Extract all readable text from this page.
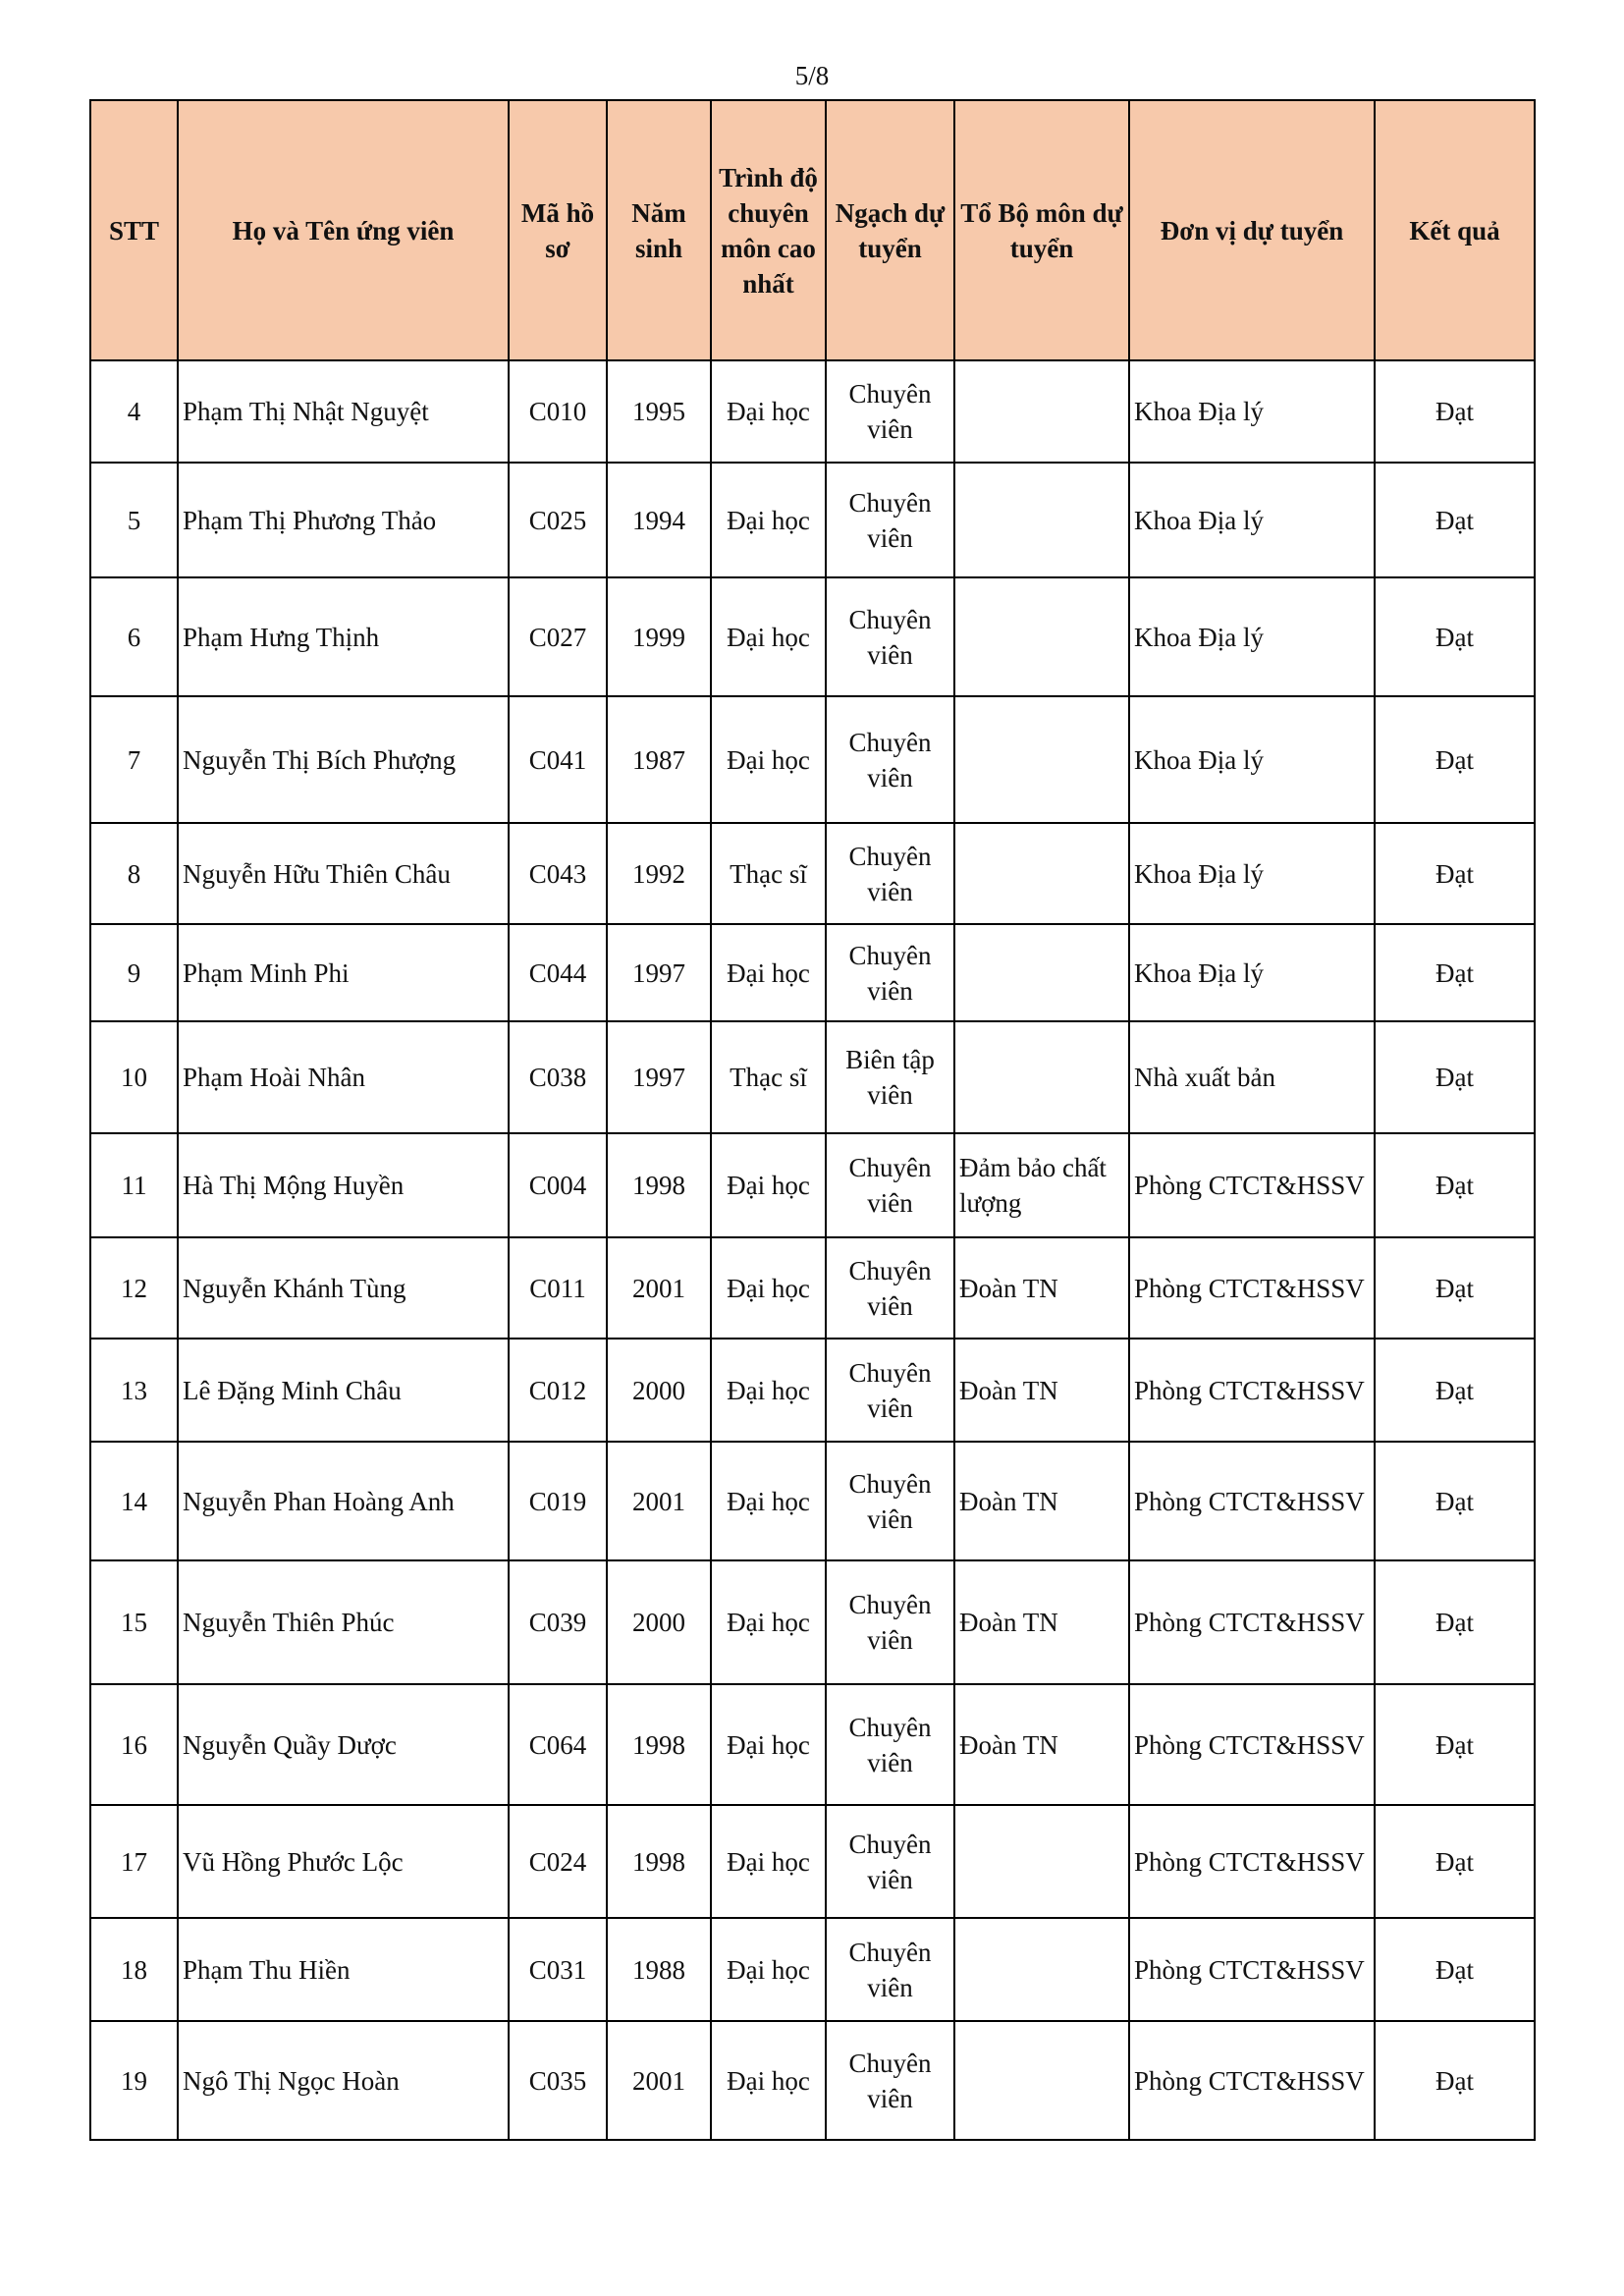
5/8
STT	Họ và Tên ứng viên	Mã hồ sơ	Năm sinh	Trình độ chuyên môn cao nhất	Ngạch dự tuyển	Tổ Bộ môn dự tuyển	Đơn vị dự tuyển	Kết quả
4	Phạm Thị Nhật Nguyệt	C010	1995	Đại học	Chuyên viên		Khoa Địa lý	Đạt
5	Phạm Thị Phương Thảo	C025	1994	Đại học	Chuyên viên		Khoa Địa lý	Đạt
6	Phạm Hưng Thịnh	C027	1999	Đại học	Chuyên viên		Khoa Địa lý	Đạt
7	Nguyễn Thị Bích Phượng	C041	1987	Đại học	Chuyên viên		Khoa Địa lý	Đạt
8	Nguyễn Hữu Thiên Châu	C043	1992	Thạc sĩ	Chuyên viên		Khoa Địa lý	Đạt
9	Phạm Minh Phi	C044	1997	Đại học	Chuyên viên		Khoa Địa lý	Đạt
10	Phạm Hoài Nhân	C038	1997	Thạc sĩ	Biên tập viên		Nhà xuất bản	Đạt
11	Hà Thị Mộng Huyền	C004	1998	Đại học	Chuyên viên	Đảm bảo chất lượng	Phòng CTCT&HSSV	Đạt
12	Nguyễn Khánh Tùng	C011	2001	Đại học	Chuyên viên	Đoàn TN	Phòng CTCT&HSSV	Đạt
13	Lê Đặng Minh Châu	C012	2000	Đại học	Chuyên viên	Đoàn TN	Phòng CTCT&HSSV	Đạt
14	Nguyễn Phan Hoàng Anh	C019	2001	Đại học	Chuyên viên	Đoàn TN	Phòng CTCT&HSSV	Đạt
15	Nguyễn Thiên Phúc	C039	2000	Đại học	Chuyên viên	Đoàn TN	Phòng CTCT&HSSV	Đạt
16	Nguyễn Quầy Dược	C064	1998	Đại học	Chuyên viên	Đoàn TN	Phòng CTCT&HSSV	Đạt
17	Vũ Hồng Phước Lộc	C024	1998	Đại học	Chuyên viên		Phòng CTCT&HSSV	Đạt
18	Phạm Thu Hiền	C031	1988	Đại học	Chuyên viên		Phòng CTCT&HSSV	Đạt
19	Ngô Thị Ngọc Hoàn	C035	2001	Đại học	Chuyên viên		Phòng CTCT&HSSV	Đạt
